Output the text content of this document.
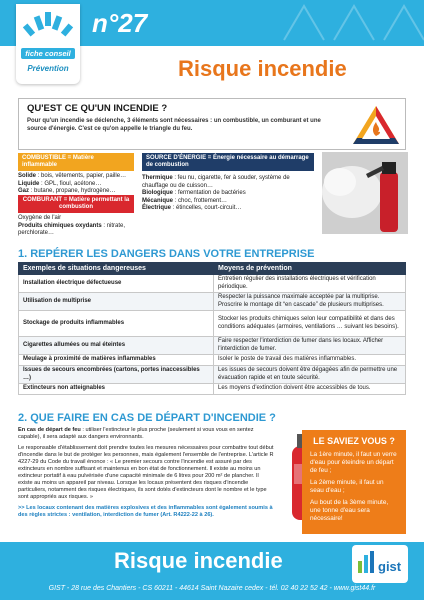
fiche conseil
Prévention
n°27
Risque incendie
QU'EST CE QU'UN INCENDIE ?
Pour qu'un incendie se déclenche, 3 éléments sont nécessaires : un combustible, un comburant et une source d'énergie. C'est ce qu'on appelle le triangle du feu.
COMBUSTIBLE = Matière inflammable

Solide : bois, vêtements, papier, paille…

Liquide : GPL, fioul, acétone…

Gaz : butane, propane, hydrogène…

COMBURANT = Matière permettant la combustion

Oxygène de l'air

Produits chimiques oxydants : nitrate, perchlorate…

SOURCE D'ÉNERGIE = Énergie nécessaire au démarrage de combustion

Thermique : feu nu, cigarette, fer à souder, système de chauffage ou de cuisson…

Biologique : fermentation de bactéries

Mécanique : choc, frottement…

Électrique : étincelles, court-circuit…

1. REPÉRER LES DANGERS DANS VOTRE ENTREPRISE
Exemples de situations dangereuses	Moyens de prévention
Installation électrique défectueuse	Entretien régulier des installations électriques et vérification périodique.
Utilisation de multiprise	Respecter la puissance maximale acceptée par la multiprise. Proscrire le montage dit “en cascade” de plusieurs multiprises.
Stockage de produits inflammables	Stocker les produits chimiques selon leur compatibilité et dans des conditions adéquates (armoires, ventilations … suivant les besoins).
Cigarettes allumées ou mal éteintes	Faire respecter l'interdiction de fumer dans les locaux. Afficher l'interdiction de fumer.
Meulage à proximité de matières inflammables	Isoler le poste de travail des matières inflammables.
Issues de secours encombrées (cartons, portes inaccessibles …)	Les issues de secours doivent être dégagées afin de permettre une évacuation rapide et en toute sécurité.
Extincteurs non atteignables	Les moyens d'extinction doivent être accessibles de tous.
2. QUE FAIRE EN CAS DE DÉPART D'INCENDIE ?

En cas de départ de feu : utiliser l'extincteur le plus proche (seulement si vous vous en sentez capable), il sera adapté aux dangers environnants.

Le responsable d'établissement doit prendre toutes les mesures nécessaires pour combattre tout début d'incendie dans le but de protéger les personnes, mais également l'ensemble de l'entreprise. L'article R 4227-29 du Code du travail énonce : « Le premier secours contre l'incendie est assuré par des extincteurs en nombre suffisant et maintenus en bon état de fonctionnement. Il existe au moins un extincteur portatif à eau pulvérisée d'une capacité minimale de 6 litres pour 200 m² de plancher. Il existe au moins un appareil par niveau. Lorsque les locaux présentent des risques d'incendie particuliers, notamment des risques électriques, ils sont dotés d'extincteurs dont le nombre et le type sont appropriés aux risques. »

>> Les locaux contenant des matières explosives et des inflammables sont également soumis à des règles strictes : ventilation, interdiction de fumer (Art. R4222-22 à 26).

LE SAVIEZ VOUS ?

La 1ère minute, il faut un verre d'eau pour éteindre un départ de feu ;

La 2ème minute, il faut un seau d'eau ;

Au bout de la 3ème minute, une tonne d'eau sera nécessaire!

Risque incendie
GIST - 28 rue des Chantiers - CS 60211 - 44614 Saint Nazaire cedex - tél. 02 40 22 52 42 - www.gist44.fr
gist
